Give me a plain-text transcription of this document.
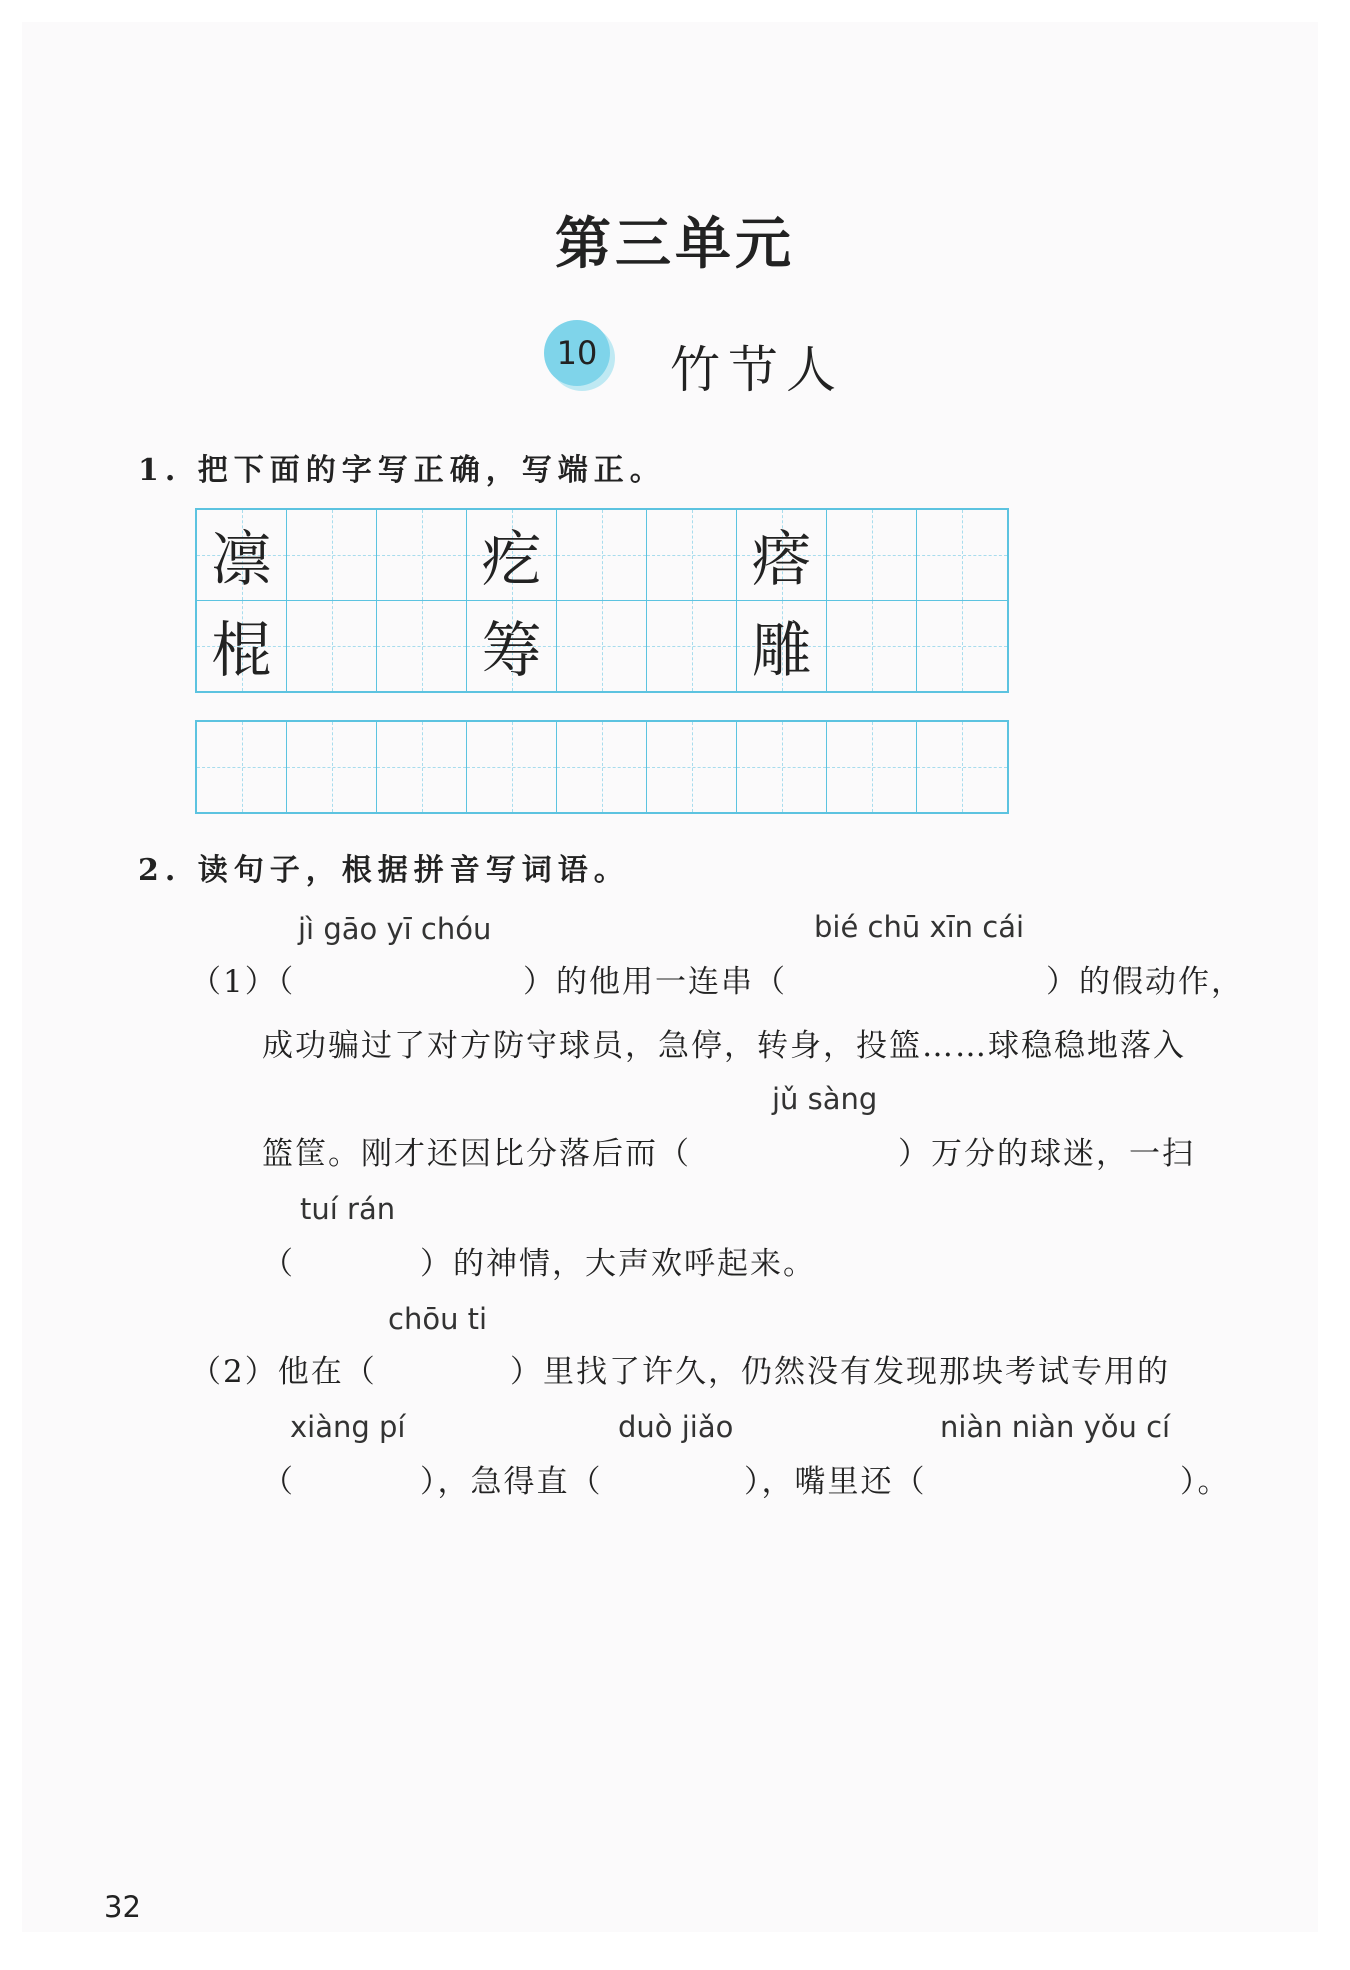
第三单元
10 竹节人
1. 把下面的字写正确，写端正。
凛	疙	瘩
棍	筹	雕
2. 读句子，根据拼音写词语。
jì gāo yī chóu	bié chū xīn cái
（1）（	）的他用一连串（	）的假动作，
成功骗过了对方防守球员，急停，转身，投篮……球稳稳地落入
jǔ sàng
篮筐。刚才还因比分落后而（	）万分的球迷，一扫
tuí rán
（	）的神情，大声欢呼起来。
chōu ti
（2）他在（	）里找了许久，仍然没有发现那块考试专用的
xiàng pí	duò jiǎo	niàn niàn yǒu cí
（	），急得直（	），嘴里还（	）。
32
